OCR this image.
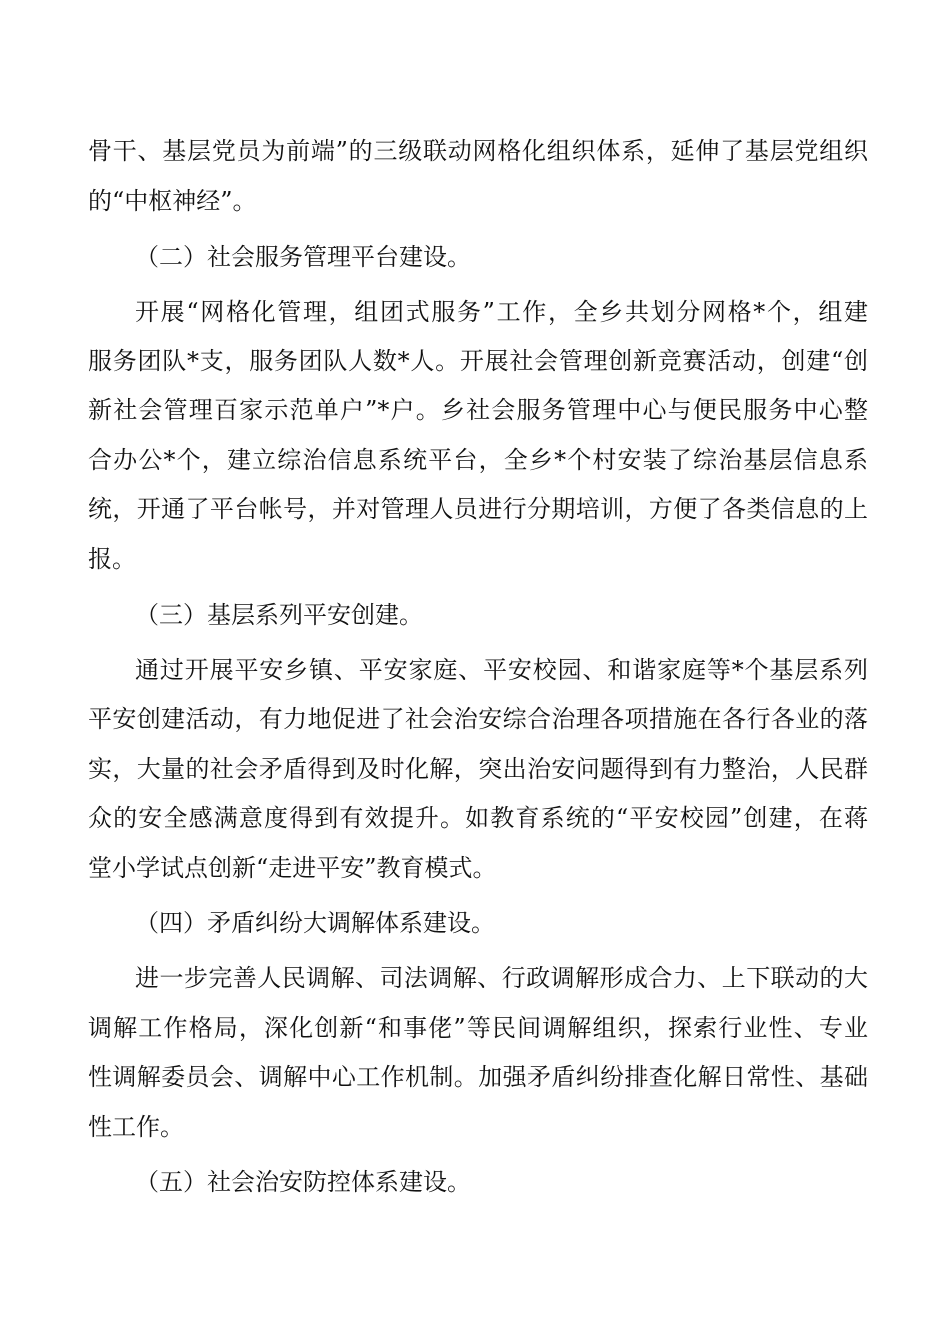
骨干、基层党员为前端”的三级联动网格化组织体系，延伸了基层党组织
的“中枢神经”。
（二）社会服务管理平台建设。
开展“网格化管理，组团式服务”工作，全乡共划分网格*个，组建
服务团队*支，服务团队人数*人。开展社会管理创新竞赛活动，创建“创
新社会管理百家示范单户”*户。乡社会服务管理中心与便民服务中心整
合办公*个，建立综治信息系统平台，全乡*个村安装了综治基层信息系
统，开通了平台帐号，并对管理人员进行分期培训，方便了各类信息的上
报。
（三）基层系列平安创建。
通过开展平安乡镇、平安家庭、平安校园、和谐家庭等*个基层系列
平安创建活动，有力地促进了社会治安综合治理各项措施在各行各业的落
实，大量的社会矛盾得到及时化解，突出治安问题得到有力整治，人民群
众的安全感满意度得到有效提升。如教育系统的“平安校园”创建，在蒋
堂小学试点创新“走进平安”教育模式。
（四）矛盾纠纷大调解体系建设。
进一步完善人民调解、司法调解、行政调解形成合力、上下联动的大
调解工作格局，深化创新“和事佬”等民间调解组织，探索行业性、专业
性调解委员会、调解中心工作机制。加强矛盾纠纷排查化解日常性、基础
性工作。
（五）社会治安防控体系建设。
